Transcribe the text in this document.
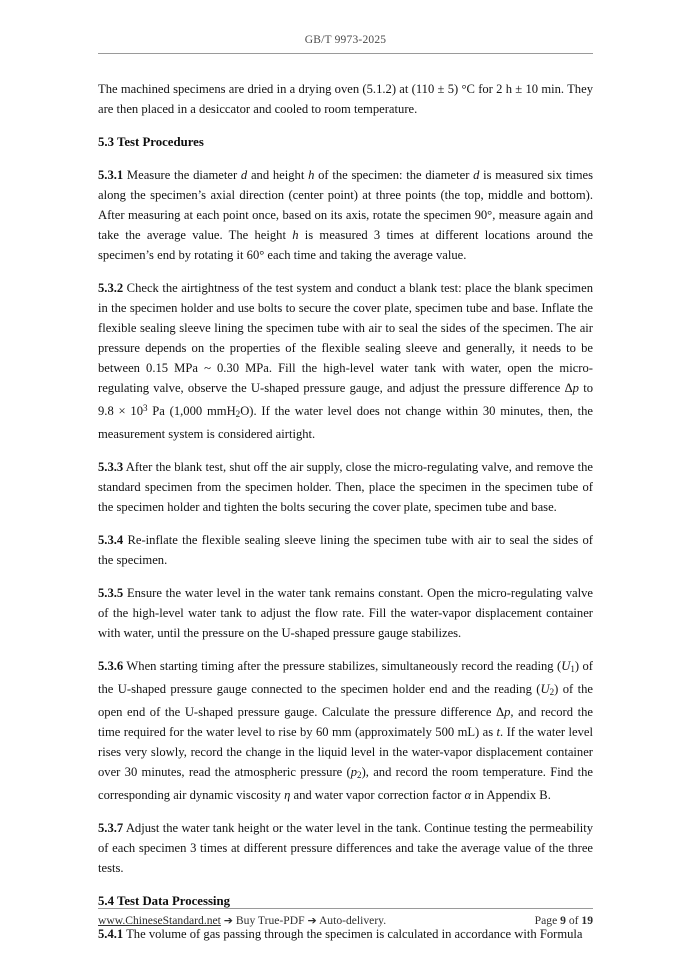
GB/T 9973-2025

The machined specimens are dried in a drying oven (5.1.2) at (110 ± 5) °C for 2 h ± 10 min. They are then placed in a desiccator and cooled to room temperature.

5.3 Test Procedures

5.3.1 Measure the diameter d and height h of the specimen: the diameter d is measured six times along the specimen’s axial direction (center point) at three points (the top, middle and bottom). After measuring at each point once, based on its axis, rotate the specimen 90°, measure again and take the average value. The height h is measured 3 times at different locations around the specimen’s end by rotating it 60° each time and taking the average value.

5.3.2 Check the airtightness of the test system and conduct a blank test: place the blank specimen in the specimen holder and use bolts to secure the cover plate, specimen tube and base. Inflate the flexible sealing sleeve lining the specimen tube with air to seal the sides of the specimen. The air pressure depends on the properties of the flexible sealing sleeve and generally, it needs to be between 0.15 MPa ~ 0.30 MPa. Fill the high-level water tank with water, open the micro-regulating valve, observe the U-shaped pressure gauge, and adjust the pressure difference Δp to $9.8 \times 10^3$ Pa (1,000 mmH$_2$O). If the water level does not change within 30 minutes, then, the measurement system is considered airtight.

5.3.3 After the blank test, shut off the air supply, close the micro-regulating valve, and remove the standard specimen from the specimen holder. Then, place the specimen in the specimen tube of the specimen holder and tighten the bolts securing the cover plate, specimen tube and base.

5.3.4 Re-inflate the flexible sealing sleeve lining the specimen tube with air to seal the sides of the specimen.

5.3.5 Ensure the water level in the water tank remains constant. Open the micro-regulating valve of the high-level water tank to adjust the flow rate. Fill the water-vapor displacement container with water, until the pressure on the U-shaped pressure gauge stabilizes.

5.3.6 When starting timing after the pressure stabilizes, simultaneously record the reading $(U_1)$ of the U-shaped pressure gauge connected to the specimen holder end and the reading $(U_2)$ of the open end of the U-shaped pressure gauge. Calculate the pressure difference Δp, and record the time required for the water level to rise by 60 mm (approximately 500 mL) as t. If the water level rises very slowly, record the change in the liquid level in the water-vapor displacement container over 30 minutes, read the atmospheric pressure $(p_2)$, and record the room temperature. Find the corresponding air dynamic viscosity η and water vapor correction factor α in Appendix B.

5.3.7 Adjust the water tank height or the water level in the tank. Continue testing the permeability of each specimen 3 times at different pressure differences and take the average value of the three tests.

5.4 Test Data Processing

5.4.1 The volume of gas passing through the specimen is calculated in accordance with Formula

www.ChineseStandard.net ➔ Buy True-PDF ➔ Auto-delivery.	Page 9 of 19
